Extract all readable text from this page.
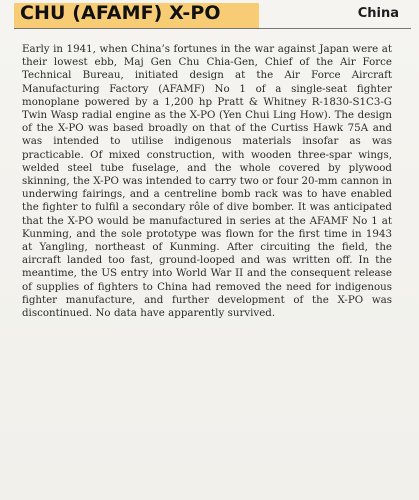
CHU (AFAMF) X-PO	China

Early in 1941, when China’s fortunes in the war against Japan were at their lowest ebb, Maj Gen Chu Chia-Gen, Chief of the Air Force Technical Bureau, initiated design at the Air Force Aircraft Manufacturing Factory (AFAMF) No 1 of a single-seat fighter monoplane powered by a 1,200 hp Pratt & Whitney R-1830-S1C3-G Twin Wasp radial engine as the X-PO (Yen Chui Ling How). The design of the X-PO was based broadly on that of the Curtiss Hawk 75A and was intended to utilise indigenous materials insofar as was practicable. Of mixed construction, with wooden three-spar wings, welded steel tube fuselage, and the whole covered by plywood skinning, the X-PO was intended to carry two or four 20-mm cannon in underwing fairings, and a centreline bomb rack was to have enabled the fighter to fulfil a secondary rôle of dive bomber. It was anticipated that the X-PO would be manufactured in series at the AFAMF No 1 at Kunming, and the sole prototype was flown for the first time in 1943 at Yangling, northeast of Kunming. After circuiting the field, the aircraft landed too fast, ground-looped and was written off. In the meantime, the US entry into World War II and the consequent release of supplies of fighters to China had removed the need for indigenous fighter manufacture, and further development of the X-PO was discontinued. No data have apparently survived.
